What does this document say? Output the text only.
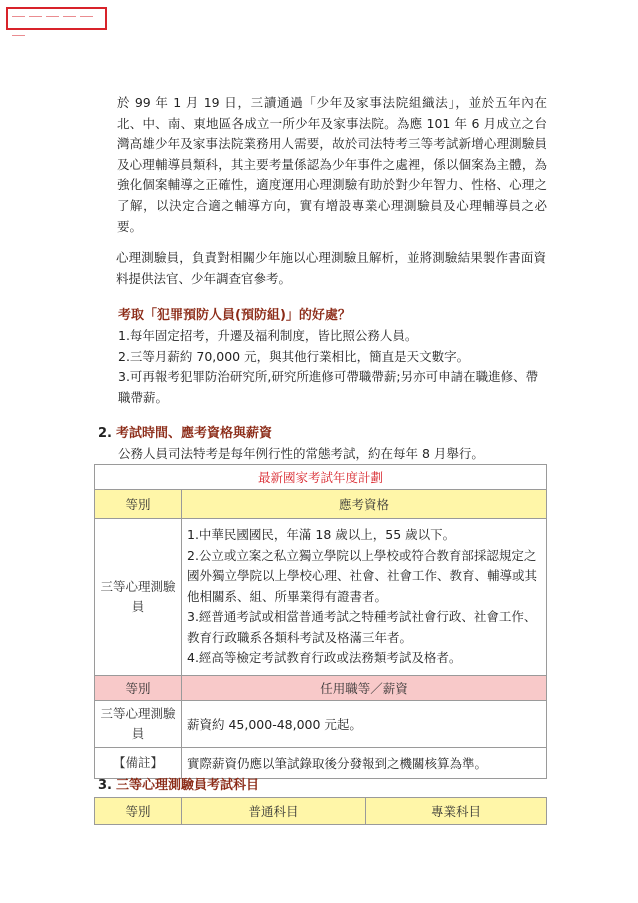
＿＿＿＿＿＿

於 99 年 1 月 19 日，三讀通過「少年及家事法院組織法」，並於五年內在北、中、南、東地區各成立一所少年及家事法院。為應 101 年 6 月成立之台灣高雄少年及家事法院業務用人需要，故於司法特考三等考試新增心理測驗員及心理輔導員類科，其主要考量係認為少年事件之處裡，係以個案為主體，為強化個案輔導之正確性，適度運用心理測驗有助於對少年智力、性格、心理之了解，以決定合適之輔導方向，實有增設專業心理測驗員及心理輔導員之必要。

心理測驗員，負責對相關少年施以心理測驗且解析，並將測驗結果製作書面資料提供法官、少年調查官參考。

考取「犯罪預防人員(預防組)」的好處？

1.每年固定招考，升遷及福利制度，皆比照公務人員。
2.三等月薪約 70,000 元，與其他行業相比，簡直是天文數字。
3.可再報考犯罪防治研究所,研究所進修可帶職帶薪;另亦可申請在職進修、帶職帶薪。

2. 考試時間、應考資格與薪資

公務人員司法特考是每年例行性的常態考試，約在每年 8 月舉行。

最新國家考試年度計劃	
等別	應考資格
三等心理測驗員	1.中華民國國民，年滿 18 歲以上，55 歲以下。
2.公立或立案之私立獨立學院以上學校或符合教育部採認規定之國外獨立學院以上學校心理、社會、社會工作、教育、輔導或其他相關系、組、所畢業得有證書者。
3.經普通考試或相當普通考試之特種考試社會行政、社會工作、教育行政職系各類科考試及格滿三年者。
4.經高等檢定考試教育行政或法務類考試及格者。

等別	任用職等／薪資
三等心理測驗員	薪資約 45,000-48,000 元起。
【備註】	實際薪資仍應以筆試錄取後分發報到之機關核算為準。

3. 三等心理測驗員考試科目

等別	普通科目	專業科目
